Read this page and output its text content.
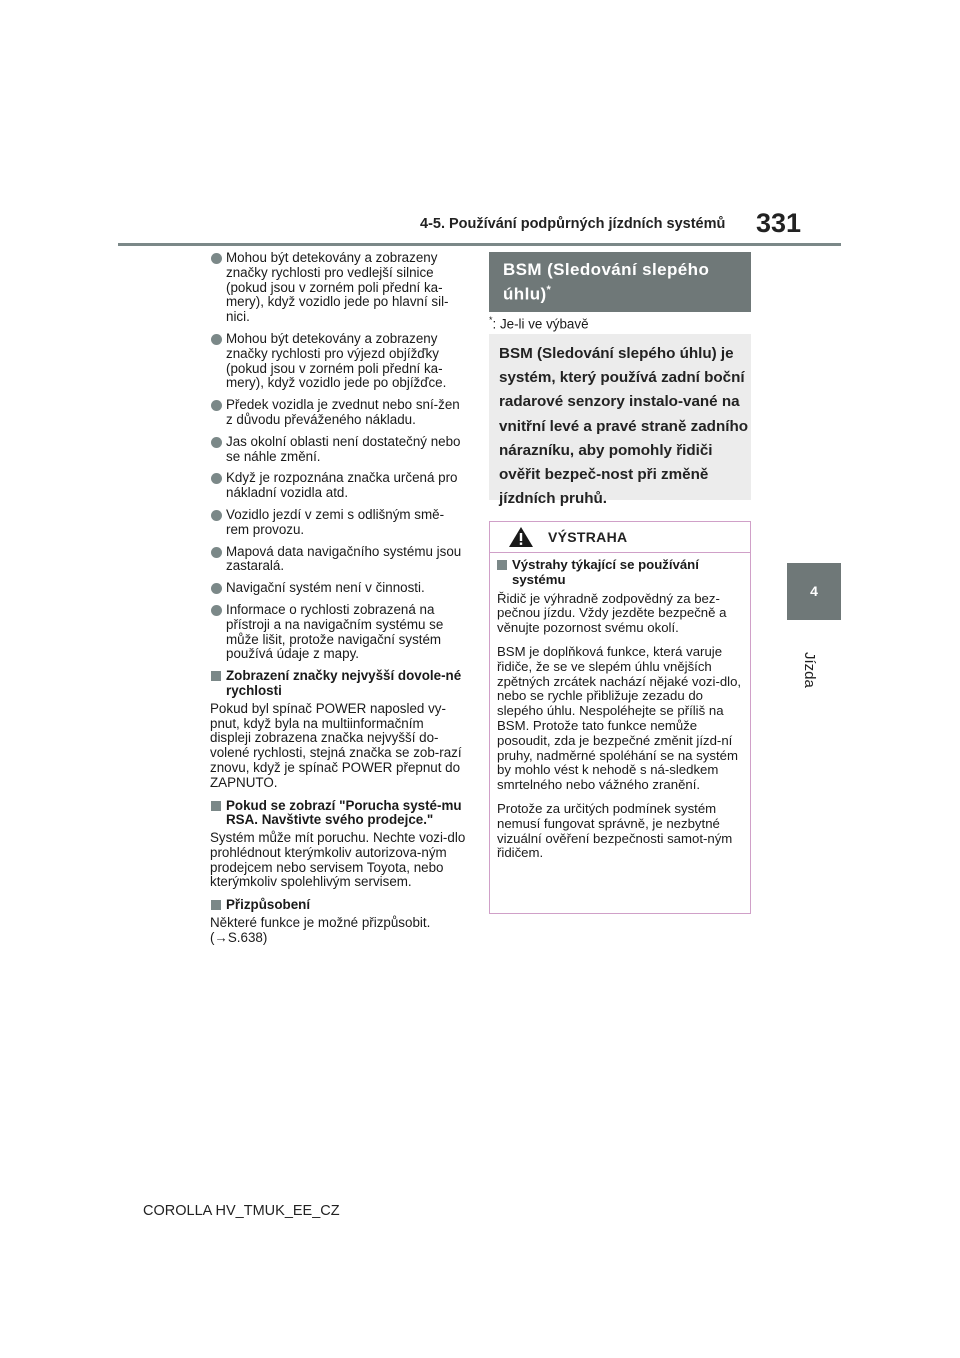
4-5. Používání podpůrných jízdních systémů 331
4
Jízda
Mohou být detekovány a zobrazeny značky rychlosti pro vedlejší silnice (pokud jsou v zorném poli přední ka-mery), když vozidlo jede po hlavní sil-nici.
Mohou být detekovány a zobrazeny značky rychlosti pro výjezd objížďky (pokud jsou v zorném poli přední ka-mery), když vozidlo jede po objížďce.
Předek vozidla je zvednut nebo sní-žen z důvodu převáženého nákladu.
Jas okolní oblasti není dostatečný nebo se náhle změní.
Když je rozpoznána značka určená pro nákladní vozidla atd.
Vozidlo jezdí v zemi s odlišným smě-rem provozu.
Mapová data navigačního systému jsou zastaralá.
Navigační systém není v činnosti.
Informace o rychlosti zobrazená na přístroji a na navigačním systému se může lišit, protože navigační systém používá údaje z mapy.
Zobrazení značky nejvyšší dovole-né rychlosti
Pokud byl spínač POWER naposled vy-pnut, když byla na multiinformačním displeji zobrazena značka nejvyšší do-volené rychlosti, stejná značka se zob-razí znovu, když je spínač POWER přepnut do ZAPNUTO.
Pokud se zobrazí "Porucha systé-mu RSA. Navštivte svého prodejce."
Systém může mít poruchu. Nechte vozi-dlo prohlédnout kterýmkoliv autorizova-ným prodejcem nebo servisem Toyota, nebo kterýmkoliv spolehlivým servisem.
Přizpůsobení
Některé funkce je možné přizpůsobit. (→S.638)
BSM (Sledování slepého úhlu)*
*: Je-li ve výbavě
BSM (Sledování slepého úhlu) je systém, který používá zadní boční radarové senzory instalo-vané na vnitřní levé a pravé straně zadního nárazníku, aby pomohly řidiči ověřit bezpeč-nost při změně jízdních pruhů.
VÝSTRAHA
Výstrahy týkající se používání systému
Řidič je výhradně zodpovědný za bez-pečnou jízdu. Vždy jezděte bezpečně a věnujte pozornost svému okolí.
BSM je doplňková funkce, která varuje řidiče, že se ve slepém úhlu vnějších zpětných zrcátek nachází nějaké vozi-dlo, nebo se rychle přibližuje zezadu do slepého úhlu. Nespoléhejte se příliš na BSM. Protože tato funkce nemůže posoudit, zda je bezpečné změnit jízd-ní pruhy, nadměrné spoléhání se na systém by mohlo vést k nehodě s ná-sledkem smrtelného nebo vážného zranění.
Protože za určitých podmínek systém nemusí fungovat správně, je nezbytné vizuální ověření bezpečnosti samot-ným řidičem.
COROLLA HV_TMUK_EE_CZ
